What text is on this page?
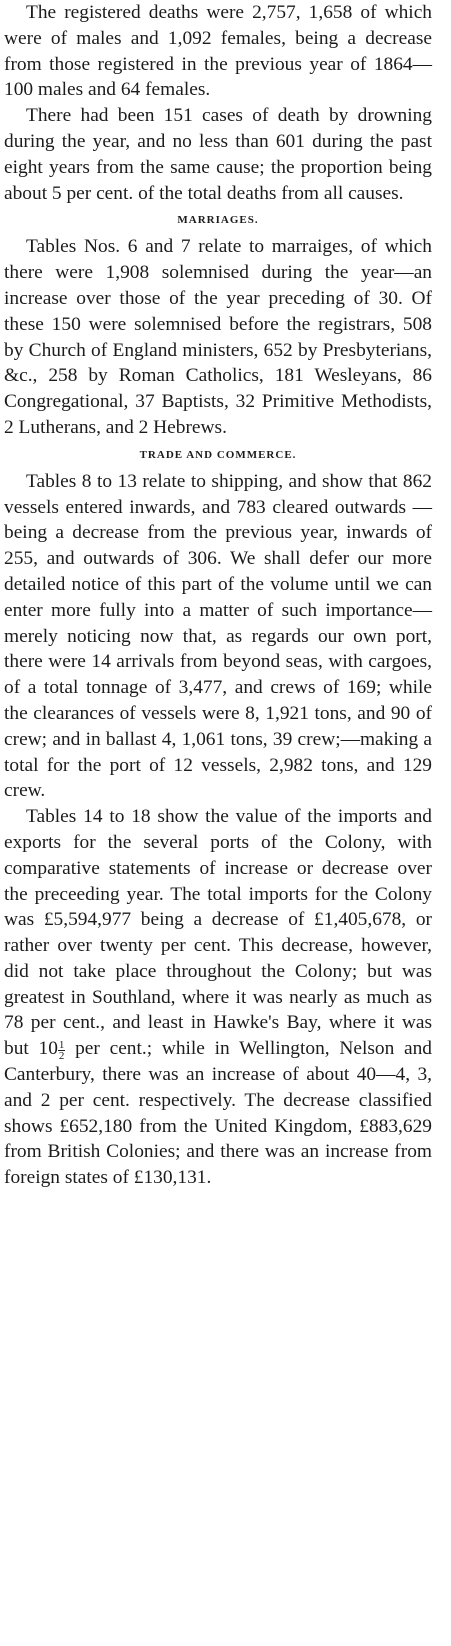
The registered deaths were 2,757, 1,658 of which were of males and 1,092 females, being a decrease from those registered in the previous year of 1864—100 males and 64 females.

There had been 151 cases of death by drowning during the year, and no less than 601 during the past eight years from the same cause; the proportion being about 5 per cent. of the total deaths from all causes.

MARRIAGES.

Tables Nos. 6 and 7 relate to marraiges, of which there were 1,908 solemnised during the year—an increase over those of the year preceding of 30. Of these 150 were solemnised before the registrars, 508 by Church of England ministers, 652 by Presbyterians, &c., 258 by Roman Catholics, 181 Wesleyans, 86 Congregational, 37 Baptists, 32 Primitive Methodists, 2 Lutherans, and 2 Hebrews.

TRADE AND COMMERCE.

Tables 8 to 13 relate to shipping, and show that 862 vessels entered inwards, and 783 cleared outwards — being a decrease from the previous year, inwards of 255, and outwards of 306. We shall defer our more detailed notice of this part of the volume until we can enter more fully into a matter of such importance—merely noticing now that, as regards our own port, there were 14 arrivals from beyond seas, with cargoes, of a total tonnage of 3,477, and crews of 169; while the clearances of vessels were 8, 1,921 tons, and 90 of crew; and in ballast 4, 1,061 tons, 39 crew;—making a total for the port of 12 vessels, 2,982 tons, and 129 crew.

Tables 14 to 18 show the value of the imports and exports for the several ports of the Colony, with comparative statements of increase or decrease over the preceeding year. The total imports for the Colony was £5,594,977 being a decrease of £1,405,678, or rather over twenty per cent. This decrease, however, did not take place throughout the Colony; but was greatest in Southland, where it was nearly as much as 78 per cent., and least in Hawke's Bay, where it was but $10 \frac{1}{2}$ per cent.; while in Wellington, Nelson and Canterbury, there was an increase of about 40—4, 3, and 2 per cent. respectively. The decrease classified shows £652,180 from the United Kingdom, £883,629 from British Colonies; and there was an increase from foreign states of £130,131.
